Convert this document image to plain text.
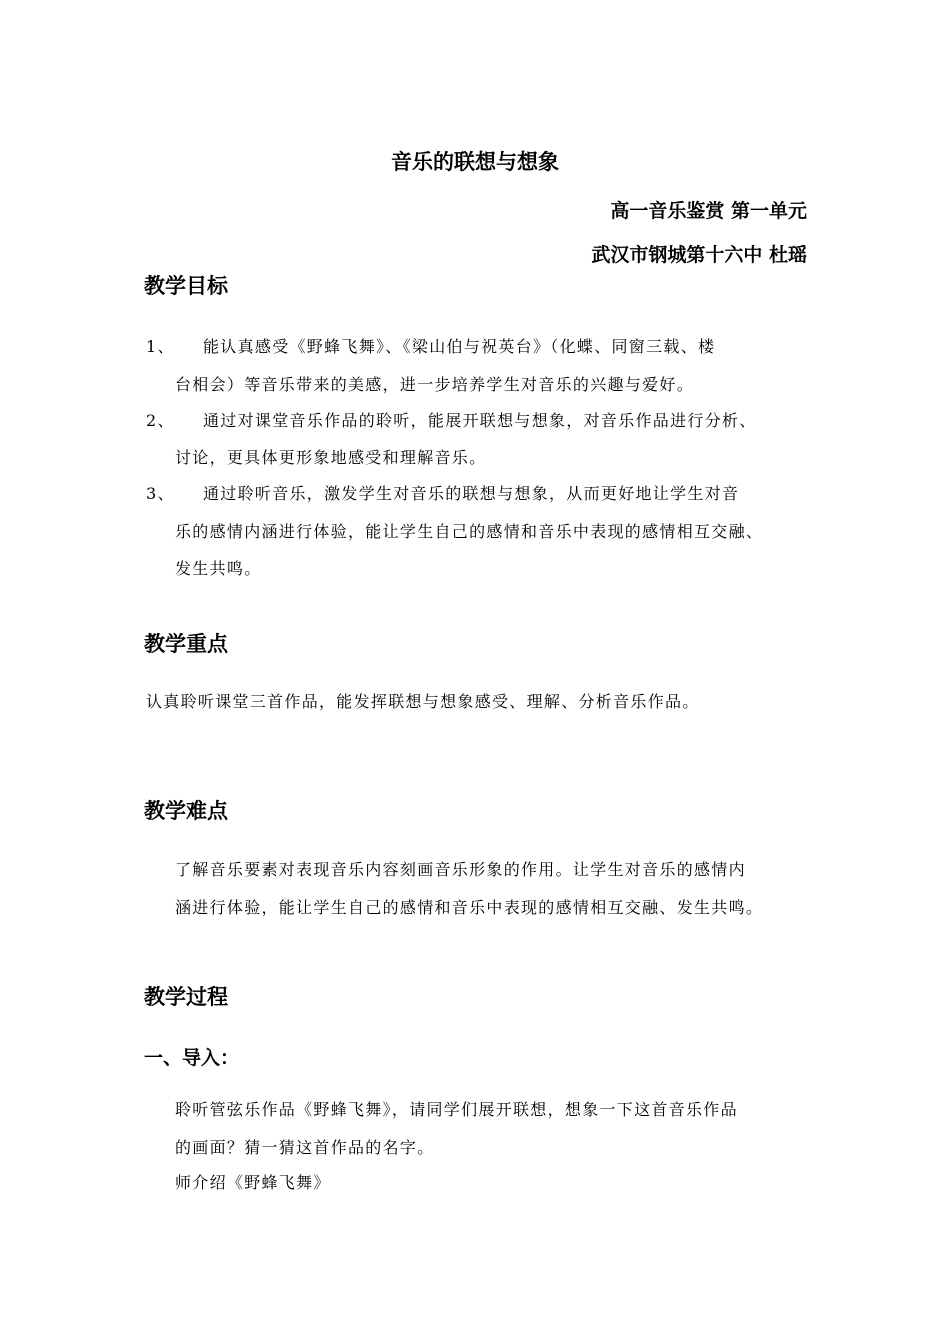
音乐的联想与想象
高一音乐鉴赏 第一单元
武汉市钢城第十六中 杜瑶
教学目标
1、 能认真感受《野蜂飞舞》、《梁山伯与祝英台》（化蝶、同窗三载、楼
台相会）等音乐带来的美感，进一步培养学生对音乐的兴趣与爱好。
2、 通过对课堂音乐作品的聆听，能展开联想与想象，对音乐作品进行分析、
讨论，更具体更形象地感受和理解音乐。
3、 通过聆听音乐，激发学生对音乐的联想与想象，从而更好地让学生对音
乐的感情内涵进行体验，能让学生自己的感情和音乐中表现的感情相互交融、
发生共鸣。
教学重点
认真聆听课堂三首作品，能发挥联想与想象感受、理解、分析音乐作品。
教学难点
了解音乐要素对表现音乐内容刻画音乐形象的作用。让学生对音乐的感情内
涵进行体验，能让学生自己的感情和音乐中表现的感情相互交融、发生共鸣。
教学过程
一、导入：
聆听管弦乐作品《野蜂飞舞》，请同学们展开联想，想象一下这首音乐作品
的画面？猜一猜这首作品的名字。
师介绍《野蜂飞舞》
